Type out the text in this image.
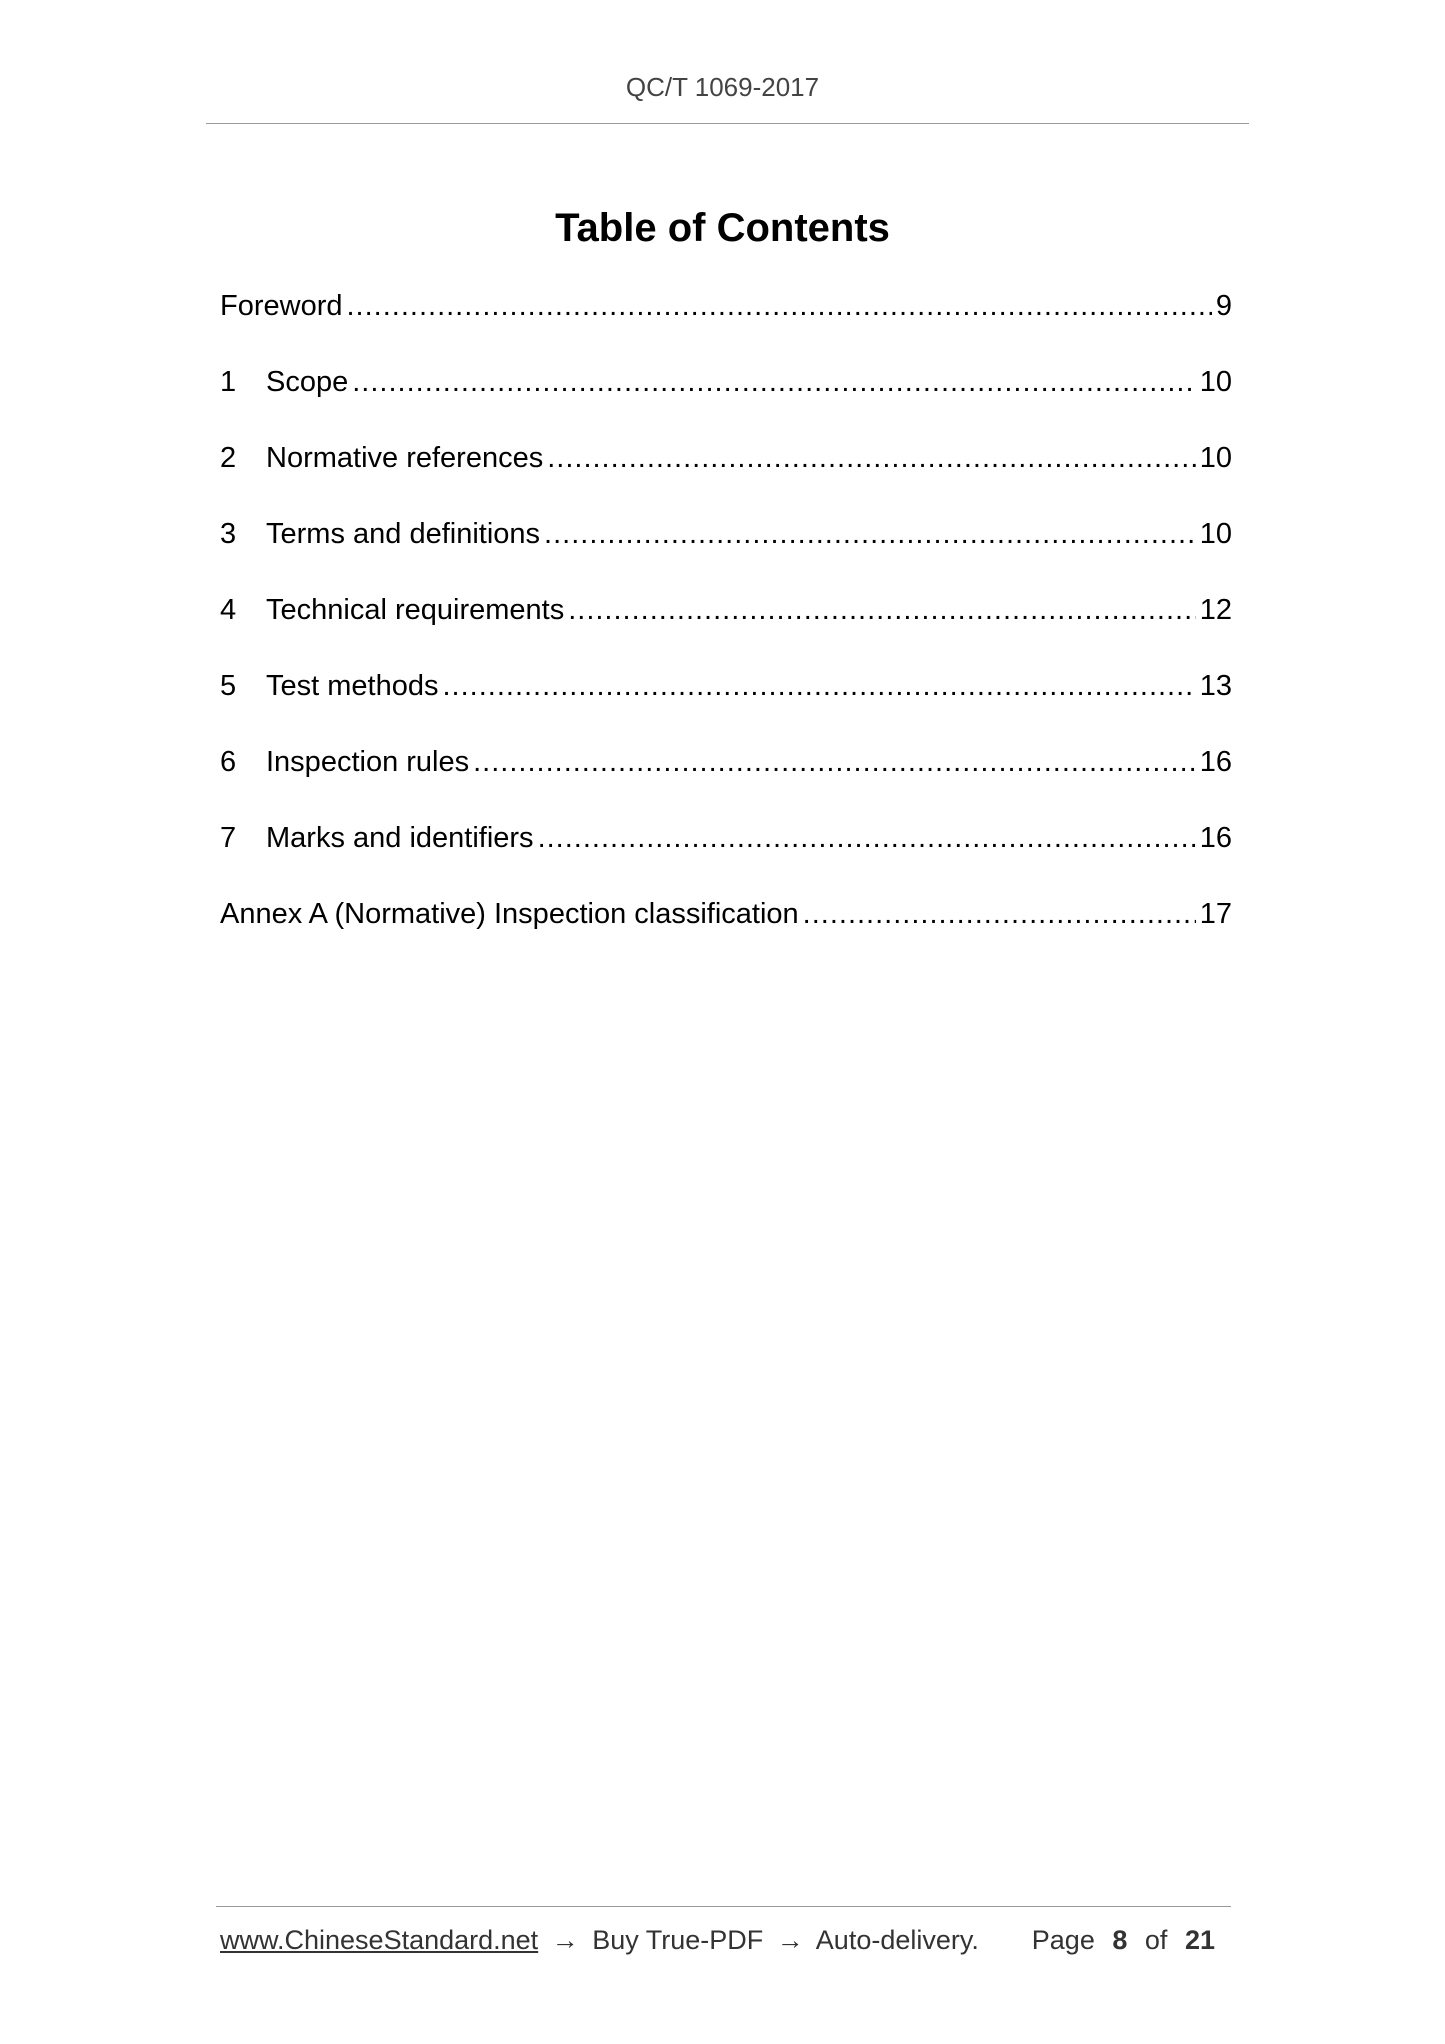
QC/T 1069-2017
Table of Contents
Foreword .....	9
1	Scope .....	10
2	Normative references .....	10
3	Terms and definitions .....	10
4	Technical requirements .....	12
5	Test methods .....	13
6	Inspection rules .....	16
7	Marks and identifiers .....	16
Annex A (Normative) Inspection classification .....	17
www.ChineseStandard.net → Buy True-PDF → Auto-delivery. Page 8 of 21
